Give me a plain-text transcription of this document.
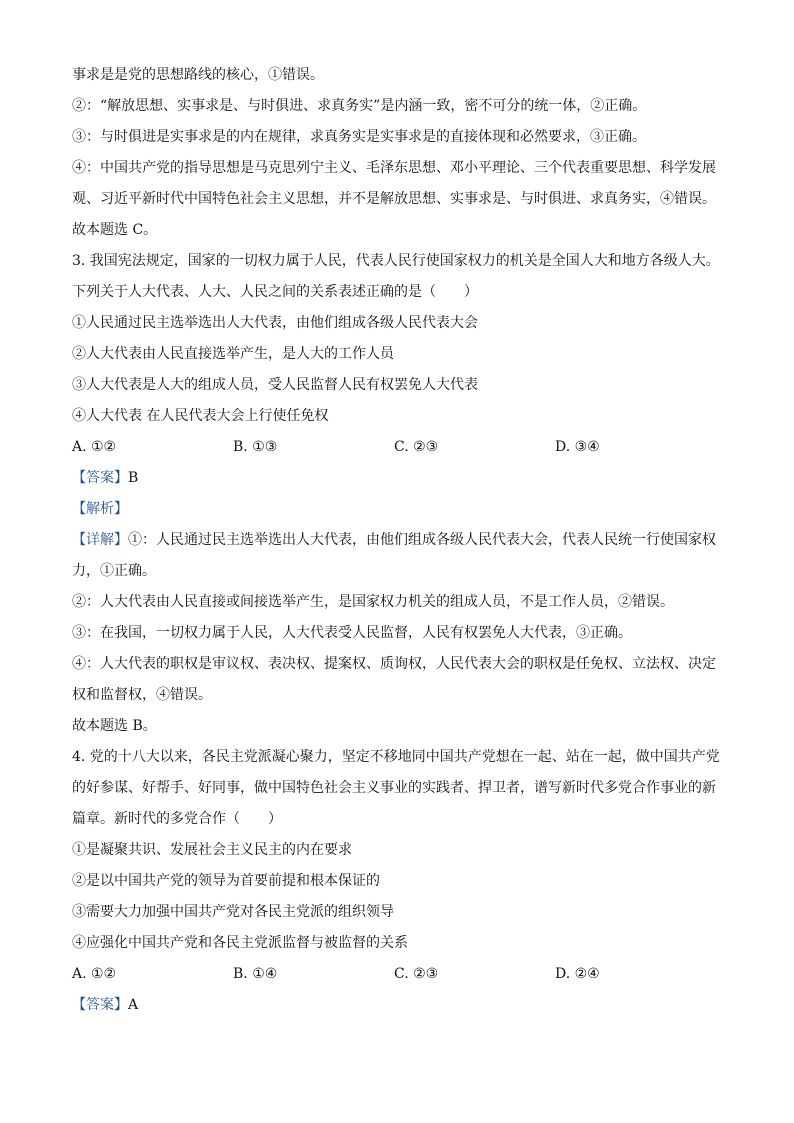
事求是是党的思想路线的核心，①错误。
②：“解放思想、实事求是、与时俱进、求真务实”是内涵一致，密不可分的统一体，②正确。
③：与时俱进是实事求是的内在规律，求真务实是实事求是的直接体现和必然要求，③正确。
④：中国共产党的指导思想是马克思列宁主义、毛泽东思想、邓小平理论、三个代表重要思想、科学发展
观、习近平新时代中国特色社会主义思想，并不是解放思想、实事求是、与时俱进、求真务实，④错误。
故本题选 C。
3. 我国宪法规定，国家的一切权力属于人民，代表人民行使国家权力的机关是全国人大和地方各级人大。
下列关于人大代表、人大、人民之间的关系表述正确的是（　　）
①人民通过民主选举选出人大代表，由他们组成各级人民代表大会
②人大代表由人民直接选举产生，是人大的工作人员
③人大代表是人大的组成人员，受人民监督人民有权罢免人大代表
④人大代表 在人民代表大会上行使任免权
A. ①②	B. ①③	C. ②③	D. ③④
【答案】B
【解析】
【详解】①：人民通过民主选举选出人大代表，由他们组成各级人民代表大会，代表人民统一行使国家权
力，①正确。
②：人大代表由人民直接或间接选举产生，是国家权力机关的组成人员，不是工作人员，②错误。
③：在我国，一切权力属于人民，人大代表受人民监督，人民有权罢免人大代表，③正确。
④：人大代表的职权是审议权、表决权、提案权、质询权，人民代表大会的职权是任免权、立法权、决定
权和监督权，④错误。
故本题选 B。
4. 党的十八大以来，各民主党派凝心聚力，坚定不移地同中国共产党想在一起、站在一起，做中国共产党
的好参谋、好帮手、好同事，做中国特色社会主义事业的实践者、捍卫者，谱写新时代多党合作事业的新
篇章。新时代的多党合作（　　）
①是凝聚共识、发展社会主义民主的内在要求
②是以中国共产党的领导为首要前提和根本保证的
③需要大力加强中国共产党对各民主党派的组织领导
④应强化中国共产党和各民主党派监督与被监督的关系
A. ①②	B. ①④	C. ②③	D. ②④
【答案】A
